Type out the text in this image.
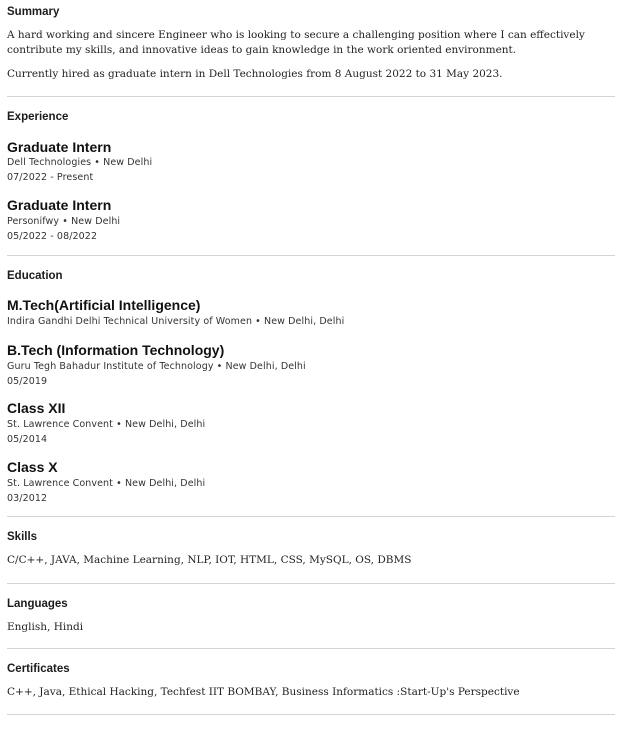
Summary
A hard working and sincere Engineer who is looking to secure a challenging position where I can effectively contribute my skills, and innovative ideas to gain knowledge in the work oriented environment.
Currently hired as graduate intern in Dell Technologies from 8 August 2022 to 31 May 2023.
Experience
Graduate Intern
Dell Technologies • New Delhi
07/2022 - Present
Graduate Intern
Personifwy • New Delhi
05/2022 - 08/2022
Education
M.Tech(Artificial Intelligence)
Indira Gandhi Delhi Technical University of Women • New Delhi, Delhi
B.Tech (Information Technology)
Guru Tegh Bahadur Institute of Technology • New Delhi, Delhi
05/2019
Class XII
St. Lawrence Convent • New Delhi, Delhi
05/2014
Class X
St. Lawrence Convent • New Delhi, Delhi
03/2012
Skills
C/C++, JAVA, Machine Learning, NLP, IOT, HTML, CSS, MySQL, OS, DBMS
Languages
English, Hindi
Certificates
C++, Java, Ethical Hacking, Techfest IIT BOMBAY, Business Informatics :Start-Up's Perspective
